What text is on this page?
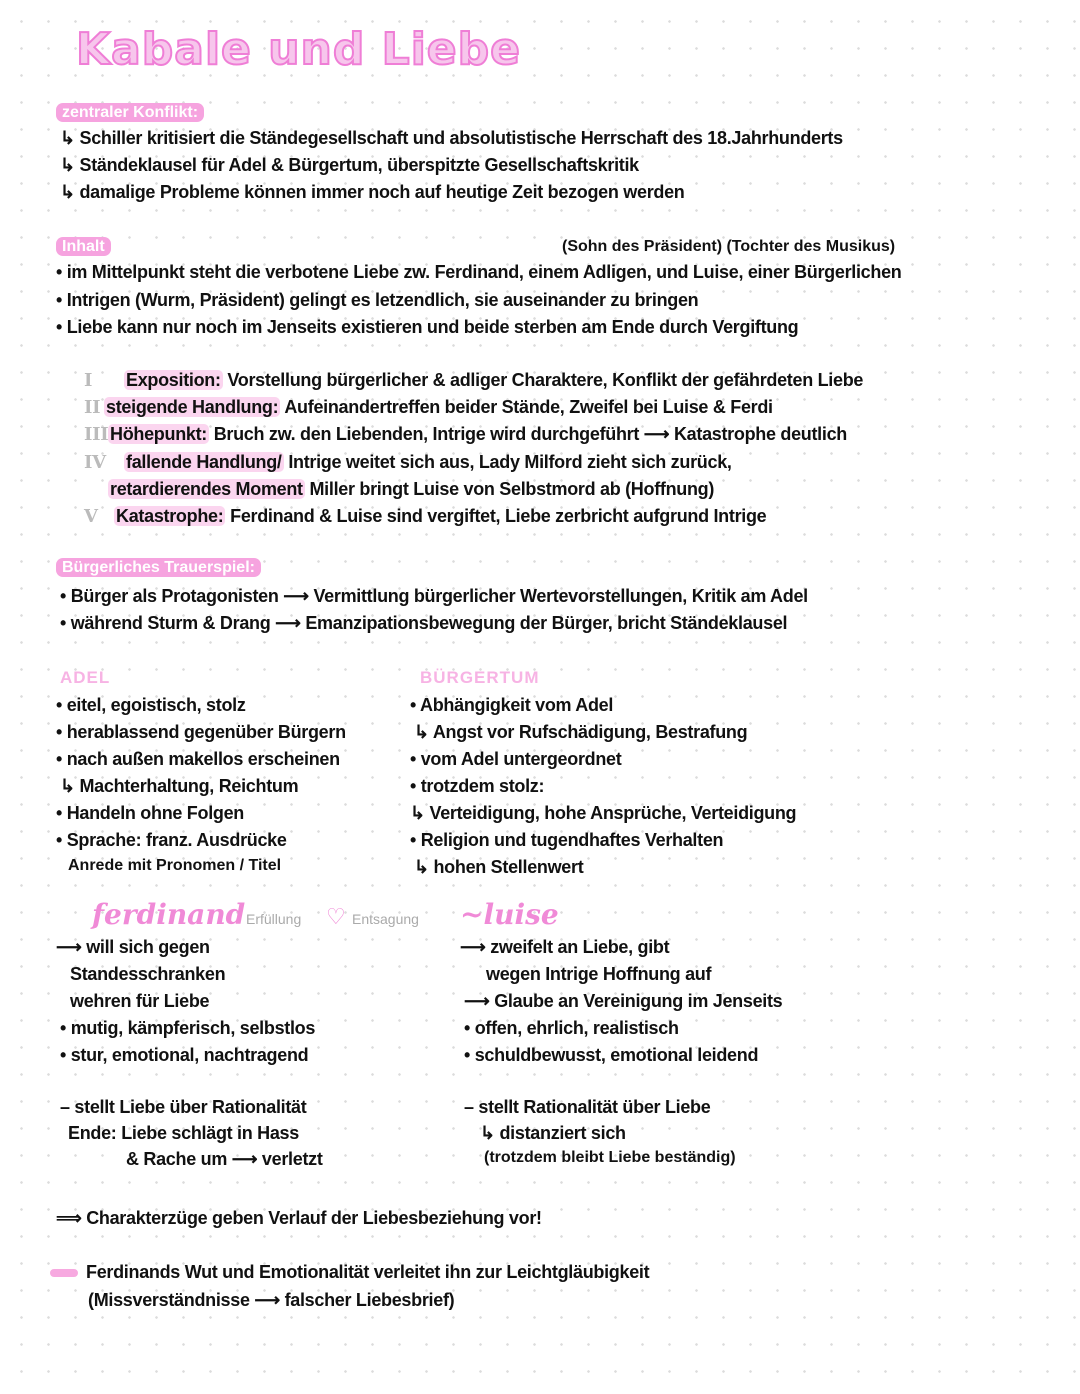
Kabale und Liebe
zentraler Konflikt:
↳ Schiller kritisiert die Ständegesellschaft und absolutistische Herrschaft des 18.Jahrhunderts
↳ Ständeklausel für Adel & Bürgertum, überspitzte Gesellschaftskritik
↳ damalige Probleme können immer noch auf heutige Zeit bezogen werden
Inhalt	(Sohn des Präsident) (Tochter des Musikus)
• im Mittelpunkt steht die verbotene Liebe zw. Ferdinand, einem Adligen, und Luise, einer Bürgerlichen
• Intrigen (Wurm, Präsident) gelingt es letzendlich, sie auseinander zu bringen
• Liebe kann nur noch im Jenseits existieren und beide sterben am Ende durch Vergiftung
I Exposition: Vorstellung bürgerlicher & adliger Charaktere, Konflikt der gefährdeten Liebe
II steigende Handlung: Aufeinandertreffen beider Stände, Zweifel bei Luise & Ferdi
IIIHöhepunkt: Bruch zw. den Liebenden, Intrige wird durchgeführt ⟶ Katastrophe deutlich
IV fallende Handlung/ Intrige weitet sich aus, Lady Milford zieht sich zurück,
retardierendes Moment Miller bringt Luise von Selbstmord ab (Hoffnung)
V Katastrophe: Ferdinand & Luise sind vergiftet, Liebe zerbricht aufgrund Intrige
Bürgerliches Trauerspiel:
• Bürger als Protagonisten ⟶ Vermittlung bürgerlicher Wertevorstellungen, Kritik am Adel
• während Sturm & Drang ⟶ Emanzipationsbewegung der Bürger, bricht Ständeklausel
ADEL
• eitel, egoistisch, stolz
• herablassend gegenüber Bürgern
• nach außen makellos erscheinen
↳ Machterhaltung, Reichtum
• Handeln ohne Folgen
• Sprache: franz. Ausdrücke
Anrede mit Pronomen / Titel
BÜRGERTUM
• Abhängigkeit vom Adel
↳ Angst vor Rufschädigung, Bestrafung
• vom Adel untergeordnet
• trotzdem stolz:
↳ Verteidigung, hohe Ansprüche, Verteidigung
• Religion und tugendhaftes Verhalten
↳ hohen Stellenwert
ferdinand Erfüllung ♡ Entsagung ~luise
⟶ will sich gegen
Standesschranken
wehren für Liebe
• mutig, kämpferisch, selbstlos
• stur, emotional, nachtragend
– stellt Liebe über Rationalität
Ende: Liebe schlägt in Hass
& Rache um ⟶ verletzt
⟶ zweifelt an Liebe, gibt
wegen Intrige Hoffnung auf
⟶ Glaube an Vereinigung im Jenseits
• offen, ehrlich, realistisch
• schuldbewusst, emotional leidend
– stellt Rationalität über Liebe
↳ distanziert sich
(trotzdem bleibt Liebe beständig)
⟹ Charakterzüge geben Verlauf der Liebesbeziehung vor!
Ferdinands Wut und Emotionalität verleitet ihn zur Leichtgläubigkeit
(Missverständnisse ⟶ falscher Liebesbrief)
